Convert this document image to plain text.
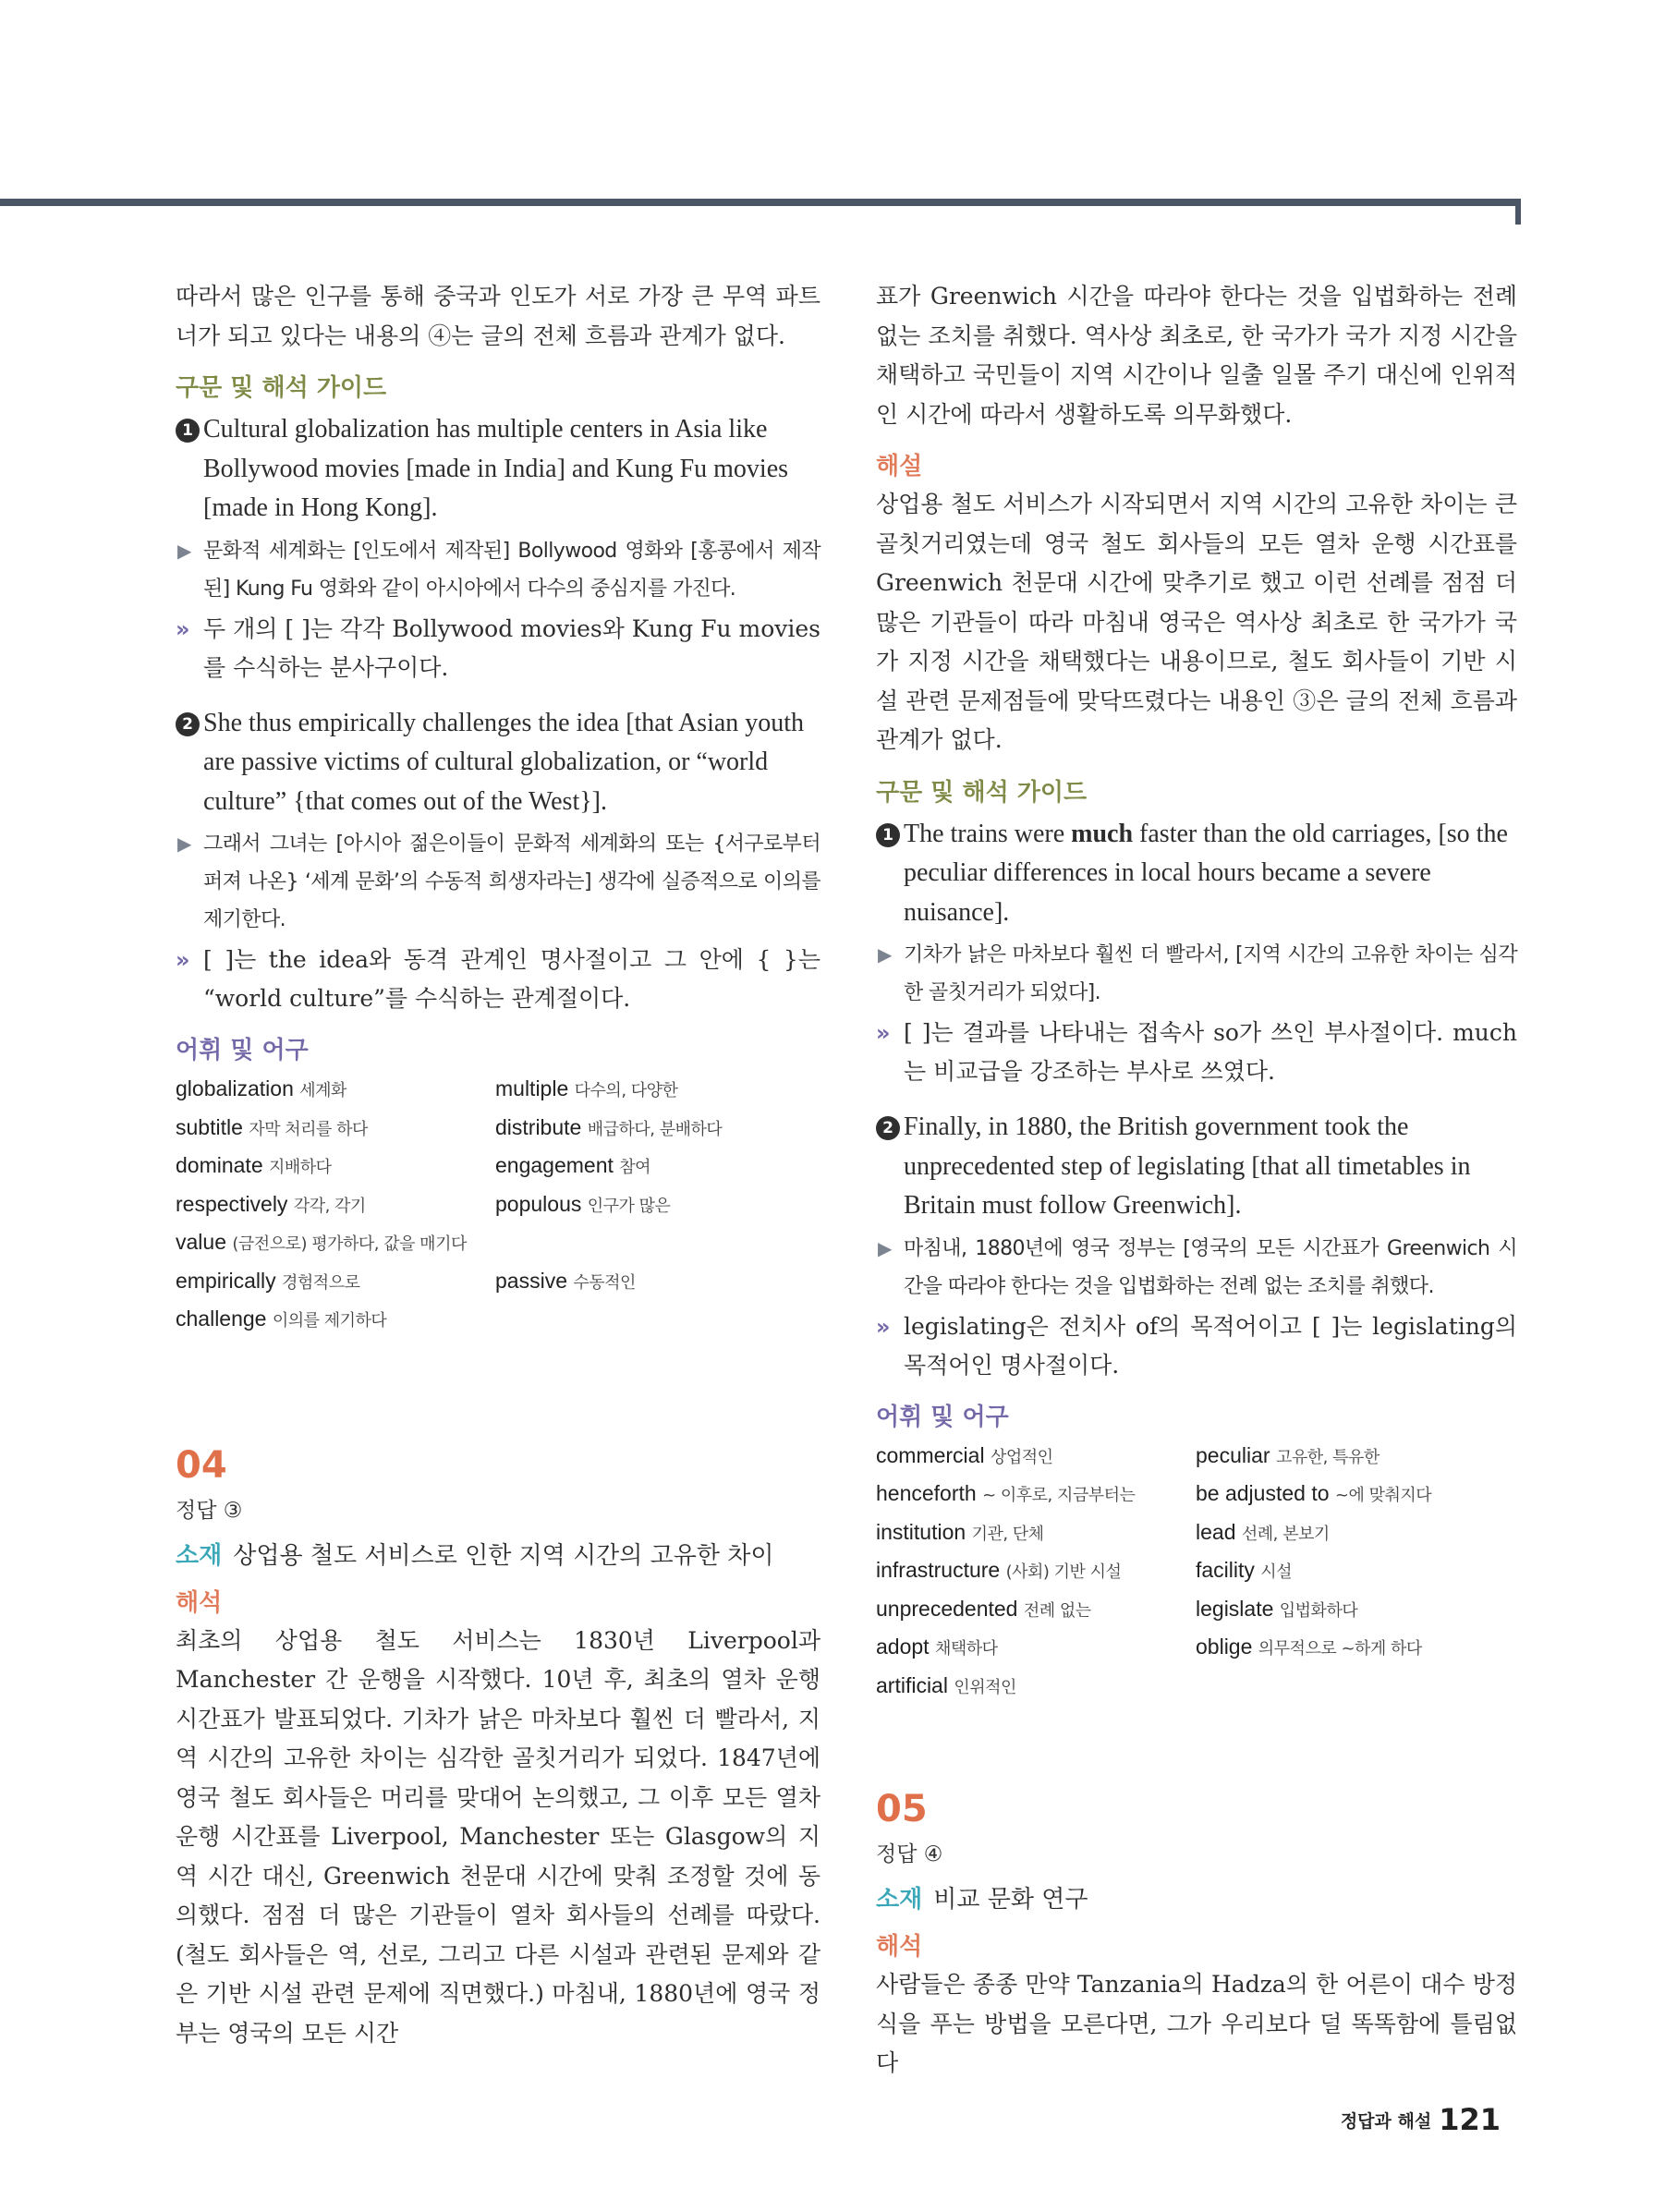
따라서 많은 인구를 통해 중국과 인도가 서로 가장 큰 무역 파트너가 되고 있다는 내용의 ④는 글의 전체 흐름과 관계가 없다.

구문 및 해석 가이드
1 Cultural globalization has multiple centers in Asia like Bollywood movies [made in India] and Kung Fu movies [made in Hong Kong].

▶ 문화적 세계화는 [인도에서 제작된] Bollywood 영화와 [홍콩에서 제작된] Kung Fu 영화와 같이 아시아에서 다수의 중심지를 가진다.
» 두 개의 [ ]는 각각 Bollywood movies와 Kung Fu movies를 수식하는 분사구이다.
2 She thus empirically challenges the idea [that Asian youth are passive victims of cultural globalization, or “world culture” {that comes out of the West}].

▶ 그래서 그녀는 [아시아 젊은이들이 문화적 세계화의 또는 {서구로부터 퍼져 나온} ‘세계 문화’의 수동적 희생자라는] 생각에 실증적으로 이의를 제기한다.
» [ ]는 the idea와 동격 관계인 명사절이고 그 안에 { }는 “world culture”를 수식하는 관계절이다.
어휘 및 어구
globalization 세계화	multiple 다수의, 다양한
subtitle 자막 처리를 하다	distribute 배급하다, 분배하다
dominate 지배하다	engagement 참여
respectively 각각, 각기	populous 인구가 많은
value (금전으로) 평가하다, 값을 매기다
empirically 경험적으로	passive 수동적인
challenge 이의를 제기하다
04
정답 ③
소재 상업용 철도 서비스로 인한 지역 시간의 고유한 차이
해석

최초의 상업용 철도 서비스는 1830년 Liverpool과 Manchester 간 운행을 시작했다. 10년 후, 최초의 열차 운행 시간표가 발표되었다. 기차가 낡은 마차보다 훨씬 더 빨라서, 지역 시간의 고유한 차이는 심각한 골칫거리가 되었다. 1847년에 영국 철도 회사들은 머리를 맞대어 논의했고, 그 이후 모든 열차 운행 시간표를 Liverpool, Manchester 또는 Glasgow의 지역 시간 대신, Greenwich 천문대 시간에 맞춰 조정할 것에 동의했다. 점점 더 많은 기관들이 열차 회사들의 선례를 따랐다. (철도 회사들은 역, 선로, 그리고 다른 시설과 관련된 문제와 같은 기반 시설 관련 문제에 직면했다.) 마침내, 1880년에 영국 정부는 영국의 모든 시간

표가 Greenwich 시간을 따라야 한다는 것을 입법화하는 전례 없는 조치를 취했다. 역사상 최초로, 한 국가가 국가 지정 시간을 채택하고 국민들이 지역 시간이나 일출 일몰 주기 대신에 인위적인 시간에 따라서 생활하도록 의무화했다.

해설

상업용 철도 서비스가 시작되면서 지역 시간의 고유한 차이는 큰 골칫거리였는데 영국 철도 회사들의 모든 열차 운행 시간표를 Greenwich 천문대 시간에 맞추기로 했고 이런 선례를 점점 더 많은 기관들이 따라 마침내 영국은 역사상 최초로 한 국가가 국가 지정 시간을 채택했다는 내용이므로, 철도 회사들이 기반 시설 관련 문제점들에 맞닥뜨렸다는 내용인 ③은 글의 전체 흐름과 관계가 없다.

구문 및 해석 가이드
1 The trains were much faster than the old carriages, [so the peculiar differences in local hours became a severe nuisance].

▶ 기차가 낡은 마차보다 훨씬 더 빨라서, [지역 시간의 고유한 차이는 심각한 골칫거리가 되었다].
» [ ]는 결과를 나타내는 접속사 so가 쓰인 부사절이다. much는 비교급을 강조하는 부사로 쓰였다.
2 Finally, in 1880, the British government took the unprecedented step of legislating [that all timetables in Britain must follow Greenwich].

▶ 마침내, 1880년에 영국 정부는 [영국의 모든 시간표가 Greenwich 시간을 따라야 한다는 것을 입법화하는 전례 없는 조치를 취했다.
» legislating은 전치사 of의 목적어이고 [ ]는 legislating의 목적어인 명사절이다.
어휘 및 어구
commercial 상업적인	peculiar 고유한, 특유한
henceforth ~ 이후로, 지금부터는	be adjusted to ~에 맞춰지다
institution 기관, 단체	lead 선례, 본보기
infrastructure (사회) 기반 시설	facility 시설
unprecedented 전례 없는	legislate 입법화하다
adopt 채택하다	oblige 의무적으로 ~하게 하다
artificial 인위적인
05
정답 ④
소재 비교 문화 연구
해석

사람들은 종종 만약 Tanzania의 Hadza의 한 어른이 대수 방정식을 푸는 방법을 모른다면, 그가 우리보다 덜 똑똑함에 틀림없다

정답과 해설 121
